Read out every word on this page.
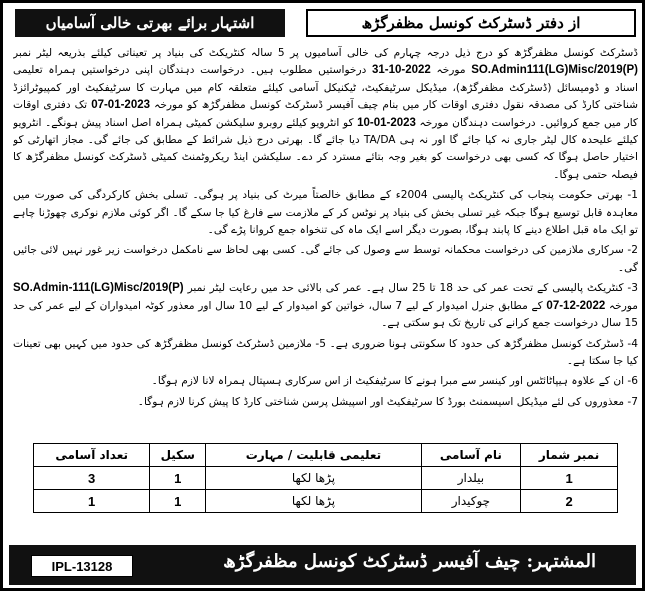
اشتہار برائے بھرتی خالی آسامیاں	از دفتر ڈسٹرکٹ کونسل مظفرگڑھ

ڈسٹرکٹ کونسل مظفرگڑھ کو درج ذیل درجہ چہارم کی خالی آسامیوں پر 5 سالہ کنٹریکٹ کی بنیاد پر تعیناتی کیلئے بذریعہ لیٹر نمبر SO.Admin111(LG)Misc/2019(P) مورخہ 31-10-2022 درخواستیں مطلوب ہیں۔ درخواست دہندگان اپنی درخواستیں ہمراہ تعلیمی اسناد و ڈومیسائل (ڈسٹرکٹ مظفرگڑھ)، میڈیکل سرٹیفکیٹ، ٹیکنیکل آسامی کیلئے متعلقہ کام میں مہارت کا سرٹیفکیٹ اور کمپیوٹرائزڈ شناختی کارڈ کی مصدقہ نقول دفتری اوقات کار میں بنام چیف آفیسر ڈسٹرکٹ کونسل مظفرگڑھ کو مورخہ 07-01-2023 تک دفتری اوقات کار میں جمع کروائیں۔ درخواست دہندگان مورخہ 10-01-2023 کو انٹرویو کیلئے روبرو سلیکشن کمیٹی ہمراہ اصل اسناد پیش ہونگے۔ انٹرویو کیلئے علیحدہ کال لیٹر جاری نہ کیا جائے گا اور نہ ہی TA/DA دیا جائے گا۔ بھرتی درج ذیل شرائط کے مطابق کی جائے گی۔ مجاز اتھارٹی کو اختیار حاصل ہوگا کہ کسی بھی درخواست کو بغیر وجہ بتائے مسترد کر دے۔ سلیکشن اینڈ ریکروٹمنٹ کمیٹی ڈسٹرکٹ کونسل مظفرگڑھ کا فیصلہ حتمی ہوگا۔

1- بھرتی حکومت پنجاب کی کنٹریکٹ پالیسی 2004ء کے مطابق خالصتاً میرٹ کی بنیاد پر ہوگی۔ تسلی بخش کارکردگی کی صورت میں معاہدہ قابل توسیع ہوگا جبکہ غیر تسلی بخش کی بنیاد پر نوٹس کر کے ملازمت سے فارغ کیا جا سکے گا۔ اگر کوئی ملازم نوکری چھوڑنا چاہے تو ایک ماہ قبل اطلاع دینے کا پابند ہوگا، بصورت دیگر اسے ایک ماہ کی تنخواہ جمع کروانا پڑے گی۔

2- سرکاری ملازمین کی درخواست محکمانہ توسط سے وصول کی جائے گی۔ کسی بھی لحاظ سے نامکمل درخواست زیر غور نہیں لائی جائیں گی۔

3- کنٹریکٹ پالیسی کے تحت عمر کی حد 18 تا 25 سال ہے۔ عمر کی بالائی حد میں رعایت لیٹر نمبر SO.Admin-111(LG)Misc/2019(P) مورخہ 07-12-2022 کے مطابق جنرل امیدوار کے لیے 7 سال، خواتین کو امیدوار کے لیے 10 سال اور معذور کوٹہ امیدواران کے لیے عمر کی حد 15 سال درخواست جمع کرانے کی تاریخ تک ہو سکتی ہے۔

4- ڈسٹرکٹ کونسل مظفرگڑھ کی حدود کا سکونتی ہونا ضروری ہے۔ 5- ملازمین ڈسٹرکٹ کونسل مظفرگڑھ کی حدود میں کہیں بھی تعینات کیا جا سکتا ہے۔

6- ان کے علاوہ ہیپاٹائٹس اور کینسر سے مبرا ہونے کا سرٹیفکیٹ از اس سرکاری ہسپتال ہمراہ لانا لازم ہوگا۔

7- معذوروں کی لئے میڈیکل اسیسمنٹ بورڈ کا سرٹیفکیٹ اور اسپیشل پرسن شناختی کارڈ کا پیش کرنا لازم ہوگا۔

نمبر شمار	نام آسامی	تعلیمی قابلیت / مہارت	سکیل	تعداد آسامی
1	بیلدار	پڑھا لکھا	1	3
2	چوکیدار	پڑھا لکھا	1	1
المشتہر: چیف آفیسر ڈسٹرکٹ کونسل مظفرگڑھ
IPL-13128
